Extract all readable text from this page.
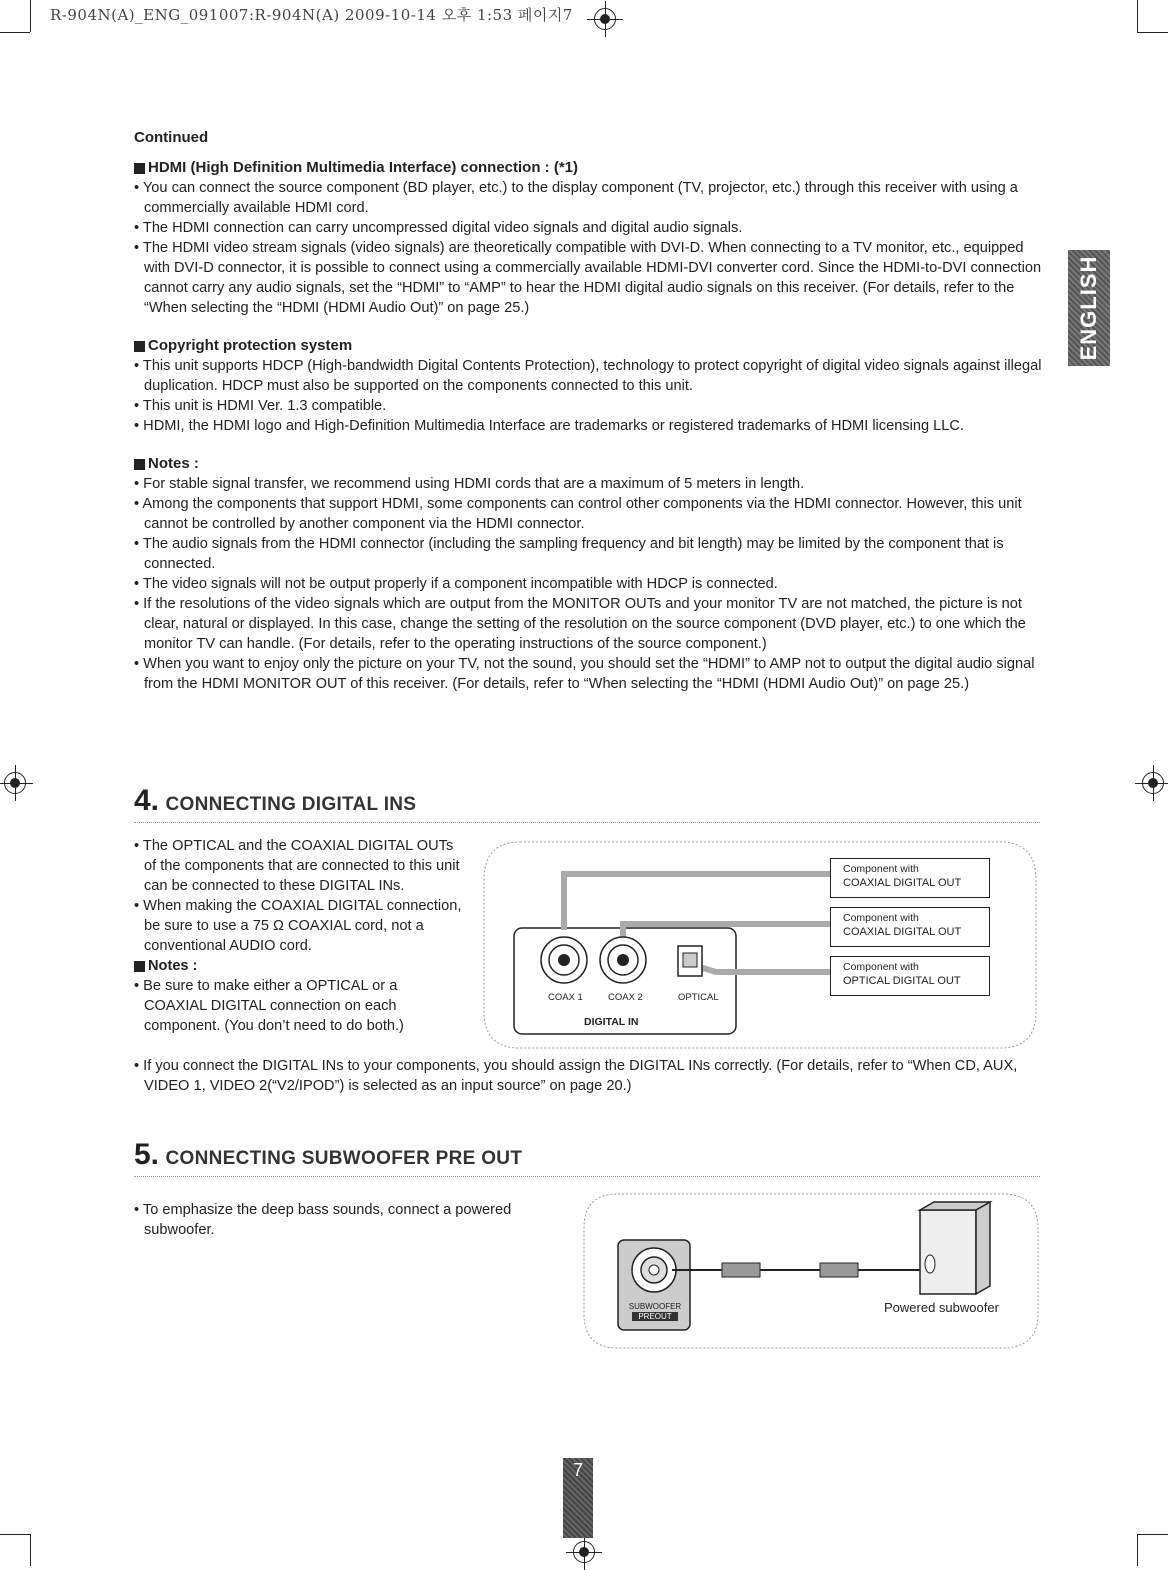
R-904N(A)_ENG_091007:R-904N(A) 2009-10-14 오후 1:53 페이지7
ENGLISH
Continued
HDMI (High Definition Multimedia Interface) connection : (*1)
• You can connect the source component (BD player, etc.) to the display component (TV, projector, etc.) through this receiver with using a commercially available HDMI cord.
• The HDMI connection can carry uncompressed digital video signals and digital audio signals.
• The HDMI video stream signals (video signals) are theoretically compatible with DVI-D. When connecting to a TV monitor, etc., equipped with DVI-D connector, it is possible to connect using a commercially available HDMI-DVI converter cord. Since the HDMI-to-DVI connection cannot carry any audio signals, set the “HDMI” to “AMP” to hear the HDMI digital audio signals on this receiver. (For details, refer to the “When selecting the “HDMI (HDMI Audio Out)” on page 25.)
Copyright protection system
• This unit supports HDCP (High-bandwidth Digital Contents Protection), technology to protect copyright of digital video signals against illegal duplication. HDCP must also be supported on the components connected to this unit.
• This unit is HDMI Ver. 1.3 compatible.
• HDMI, the HDMI logo and High-Definition Multimedia Interface are trademarks or registered trademarks of HDMI licensing LLC.
Notes :
• For stable signal transfer, we recommend using HDMI cords that are a maximum of 5 meters in length.
• Among the components that support HDMI, some components can control other components via the HDMI connector. However, this unit cannot be controlled by another component via the HDMI connector.
• The audio signals from the HDMI connector (including the sampling frequency and bit length) may be limited by the component that is connected.
• The video signals will not be output properly if a component incompatible with HDCP is connected.
• If the resolutions of the video signals which are output from the MONITOR OUTs and your monitor TV are not matched, the picture is not clear, natural or displayed. In this case, change the setting of the resolution on the source component (DVD player, etc.) to one which the monitor TV can handle. (For details, refer to the operating instructions of the source component.)
• When you want to enjoy only the picture on your TV, not the sound, you should set the “HDMI” to AMP not to output the digital audio signal from the HDMI MONITOR OUT of this receiver. (For details, refer to “When selecting the “HDMI (HDMI Audio Out)” on page 25.)
4. CONNECTING DIGITAL INS
• The OPTICAL and the COAXIAL DIGITAL OUTs of the components that are connected to this unit can be connected to these DIGITAL INs.
• When making the COAXIAL DIGITAL connection, be sure to use a 75 Ω COAXIAL cord, not a conventional AUDIO cord.
Notes :
• Be sure to make either a OPTICAL or a COAXIAL DIGITAL connection on each component. (You don’t need to do both.)
• If you connect the DIGITAL INs to your components, you should assign the DIGITAL INs correctly. (For details, refer to “When CD, AUX, VIDEO 1, VIDEO 2(“V2/IPOD”) is selected as an input source” on page 20.)
COAX 1	COAX 2	OPTICAL
DIGITAL IN
Component with
COAXIAL DIGITAL OUT
Component with
COAXIAL DIGITAL OUT
Component with
OPTICAL DIGITAL OUT
5. CONNECTING SUBWOOFER PRE OUT
• To emphasize the deep bass sounds, connect a powered subwoofer.
SUBWOOFER
PREOUT
Powered subwoofer
7
